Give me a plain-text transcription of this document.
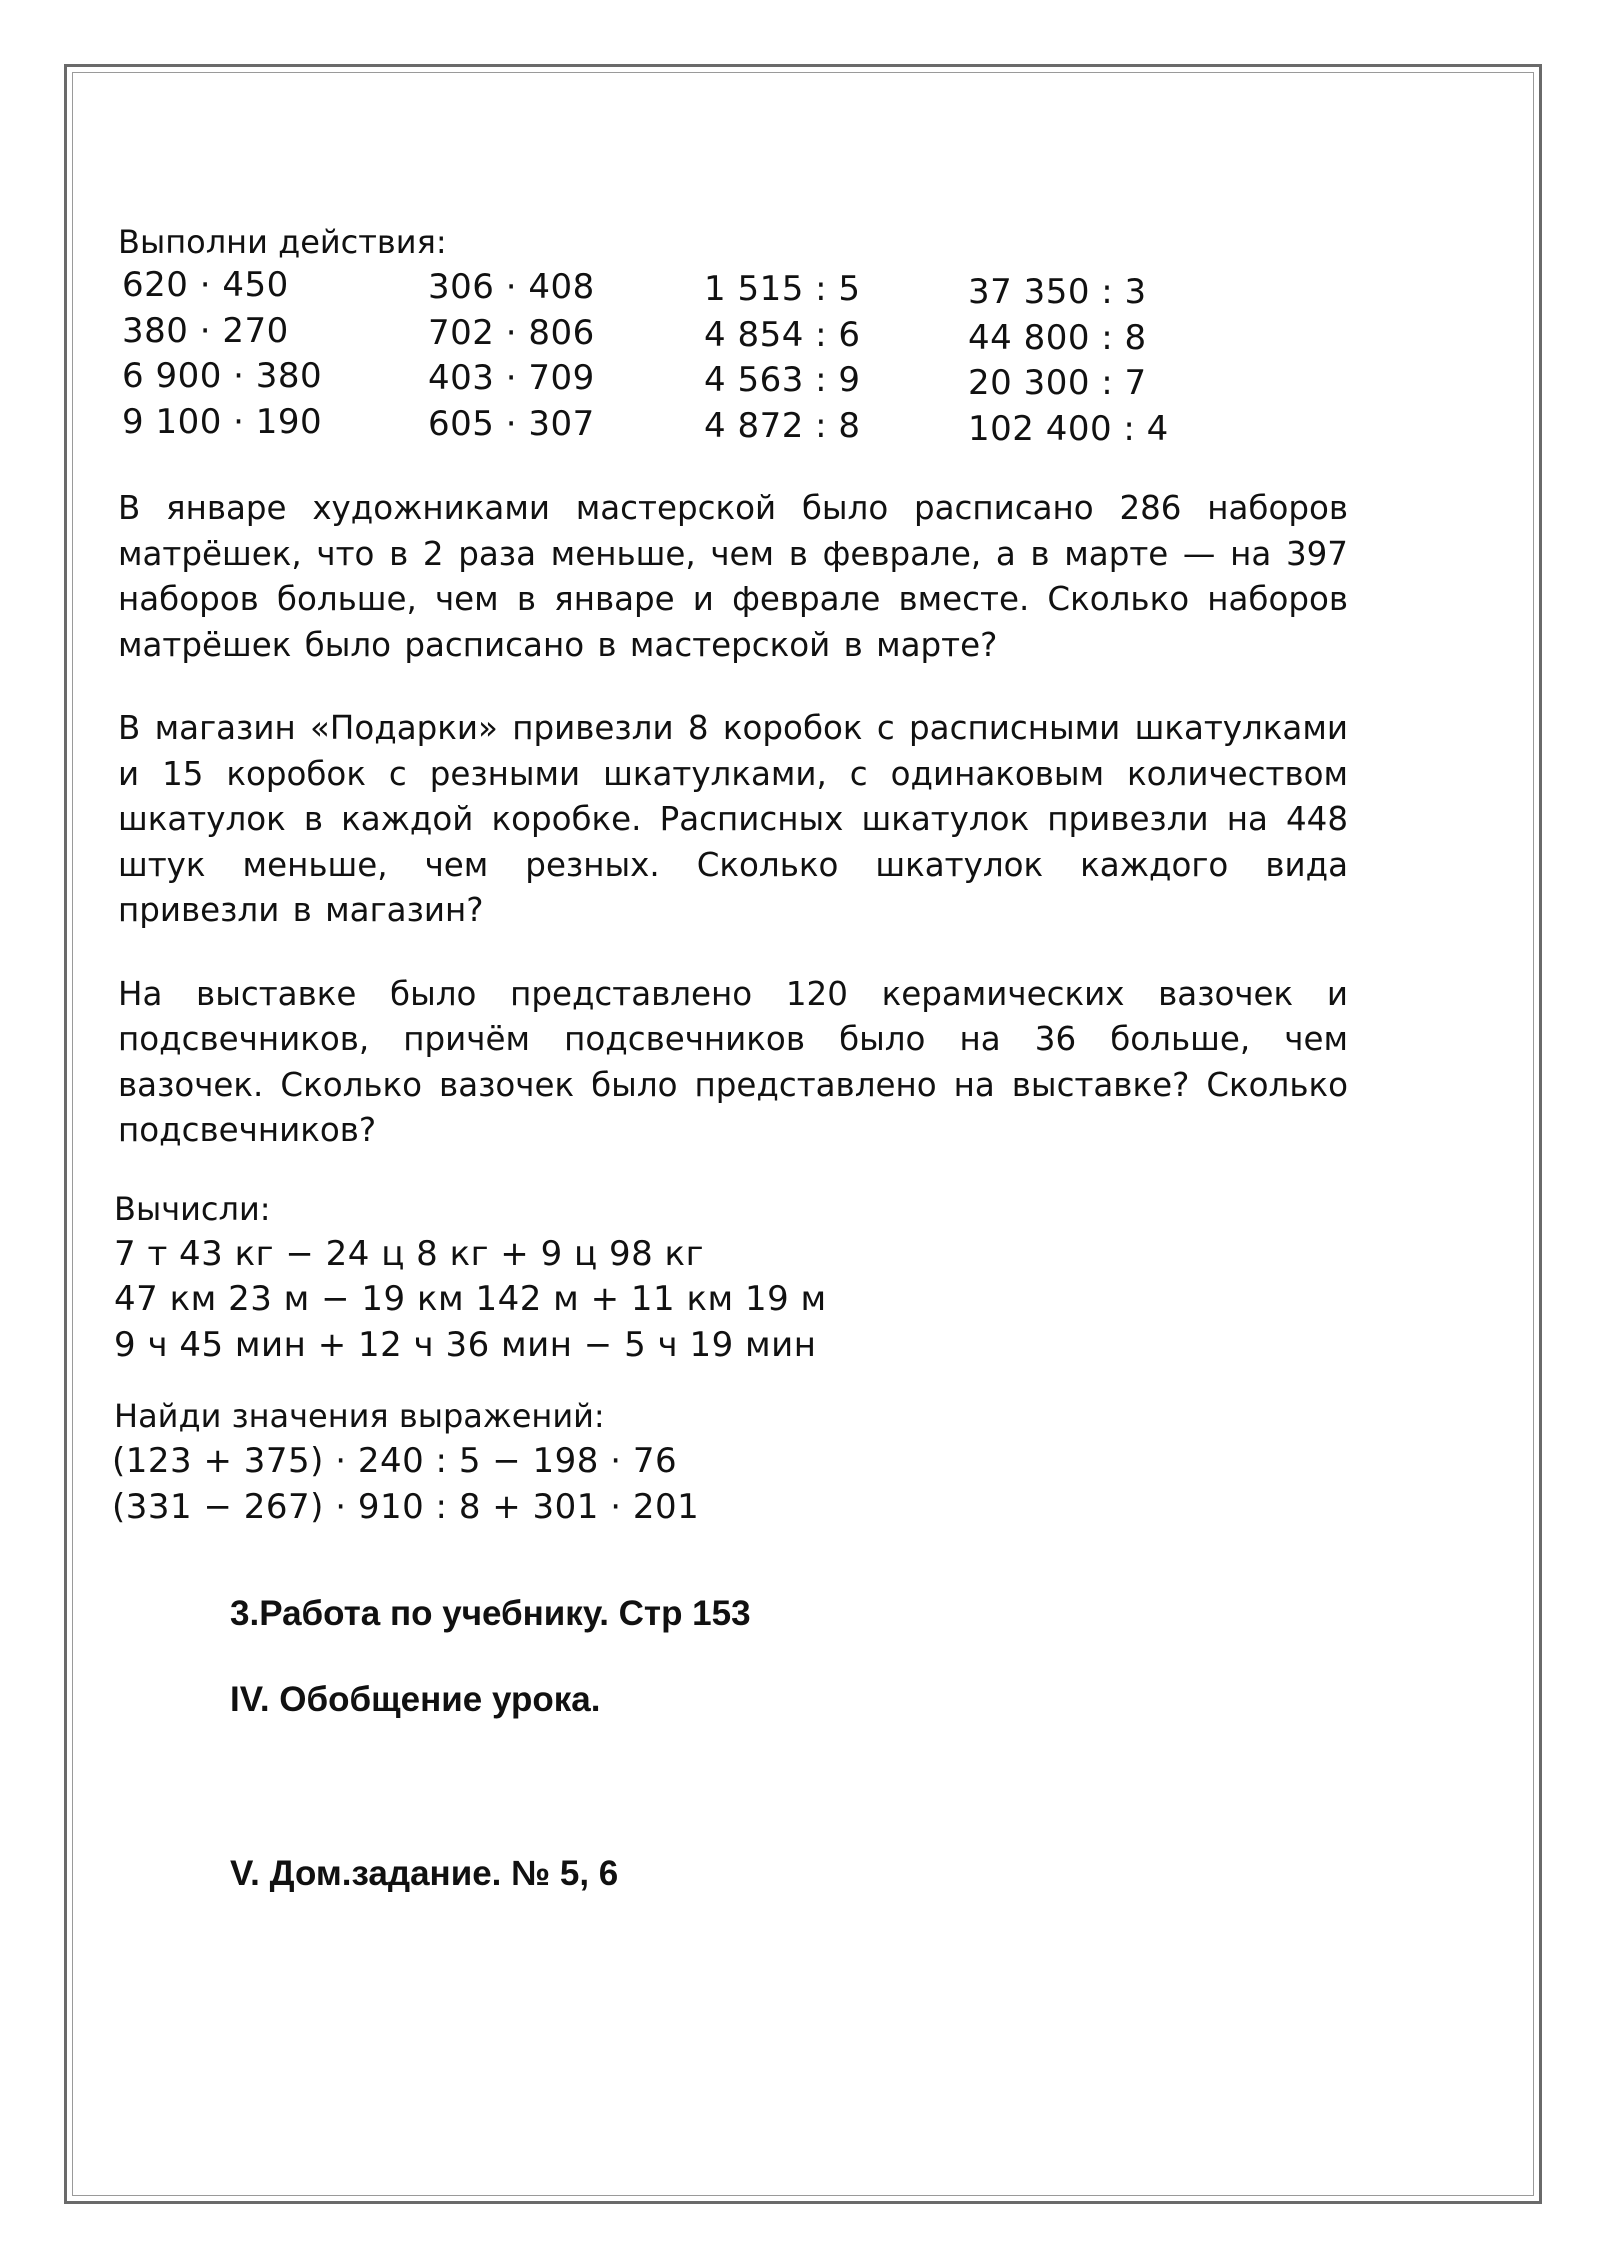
Выполни действия:
620 · 450
380 · 270
6 900 · 380
9 100 · 190
306 · 408
702 · 806
403 · 709
605 · 307
1 515 : 5
4 854 : 6
4 563 : 9
4 872 : 8
37 350 : 3
44 800 : 8
20 300 : 7
102 400 : 4

В январе художниками мастерской было расписано 286 наборов матрёшек, что в 2 раза меньше, чем в феврале, а в марте — на 397 наборов больше, чем в январе и феврале вместе. Сколько наборов матрёшек было расписано в мастерской в марте?

В магазин «Подарки» привезли 8 коробок с расписными шкатулками и 15 коробок с резными шкатулками, с одинаковым количеством шкатулок в каждой коробке. Расписных шкатулок привезли на 448 штук меньше, чем резных. Сколько шкатулок каждого вида привезли в магазин?

На выставке было представлено 120 керамических вазочек и подсвечников, причём подсвечников было на 36 больше, чем вазочек. Сколько вазочек было представлено на выставке? Сколько подсвечников?

Вычисли:
7 т 43 кг − 24 ц 8 кг + 9 ц 98 кг
47 км 23 м − 19 км 142 м + 11 км 19 м
9 ч 45 мин + 12 ч 36 мин − 5 ч 19 мин
Найди значения выражений:
(123 + 375) · 240 : 5 − 198 · 76
(331 − 267) · 910 : 8 + 301 · 201
3.Работа по учебнику. Стр 153
IV. Обобщение урока.
V. Дом.задание. № 5, 6
